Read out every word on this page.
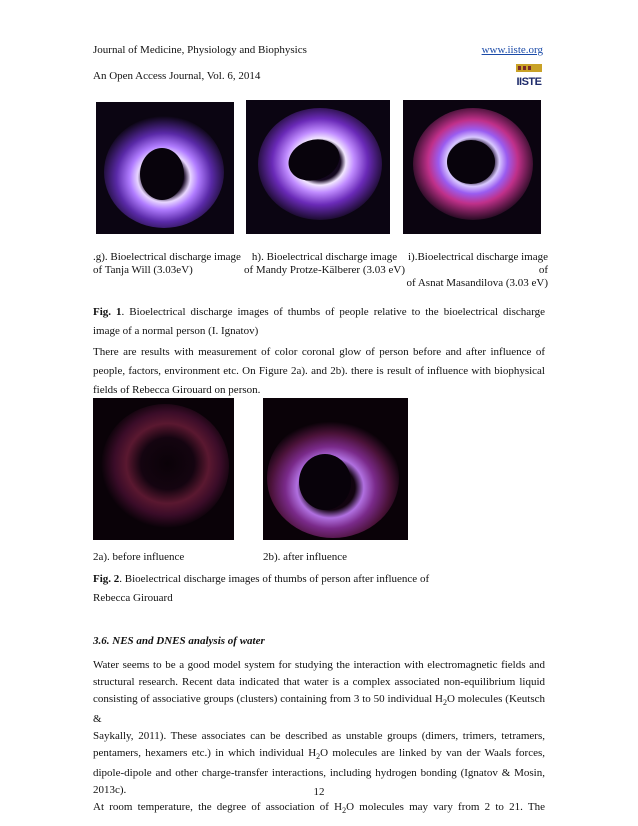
Journal of Medicine, Physiology and Biophysics	www.iiste.org
An Open Access Journal, Vol. 6, 2014	IISTE
.g). Bioelectrical discharge image
of Tanja Will (3.03eV)
h). Bioelectrical discharge image
of Mandy Protze-Kälberer (3.03 eV)
i).Bioelectrical discharge image of
of Asnat Masandilova (3.03 eV)
Fig. 1. Bioelectrical discharge images of thumbs of people relative to the bioelectrical discharge image of a normal person (I. Ignatov)
There are results with measurement of color coronal glow of person before and after influence of people, factors, environment etc. On Figure 2a). and 2b). there is result of influence with biophysical fields of Rebecca Girouard on person.
2a). before influence	2b). after influence
Fig. 2. Bioelectrical discharge images of thumbs of person after influence of
Rebecca Girouard
3.6. NES and DNES analysis of water
Water seems to be a good model system for studying the interaction with electromagnetic fields and
structural research. Recent data indicated that water is a complex associated non-equilibrium liquid
consisting of associative groups (clusters) containing from 3 to 50 individual $H_2O$ molecules (Keutsch &
Saykally, 2011). These associates can be described as unstable groups (dimers, trimers, tetramers,
pentamers, hexamers etc.) in which individual $H_2O$ molecules are linked by van der Waals forces,
dipole-dipole and other charge-transfer interactions, including hydrogen bonding (Ignatov & Mosin, 2013c).
At room temperature, the degree of association of $H_2O$ molecules may vary from 2 to 21. The
12
